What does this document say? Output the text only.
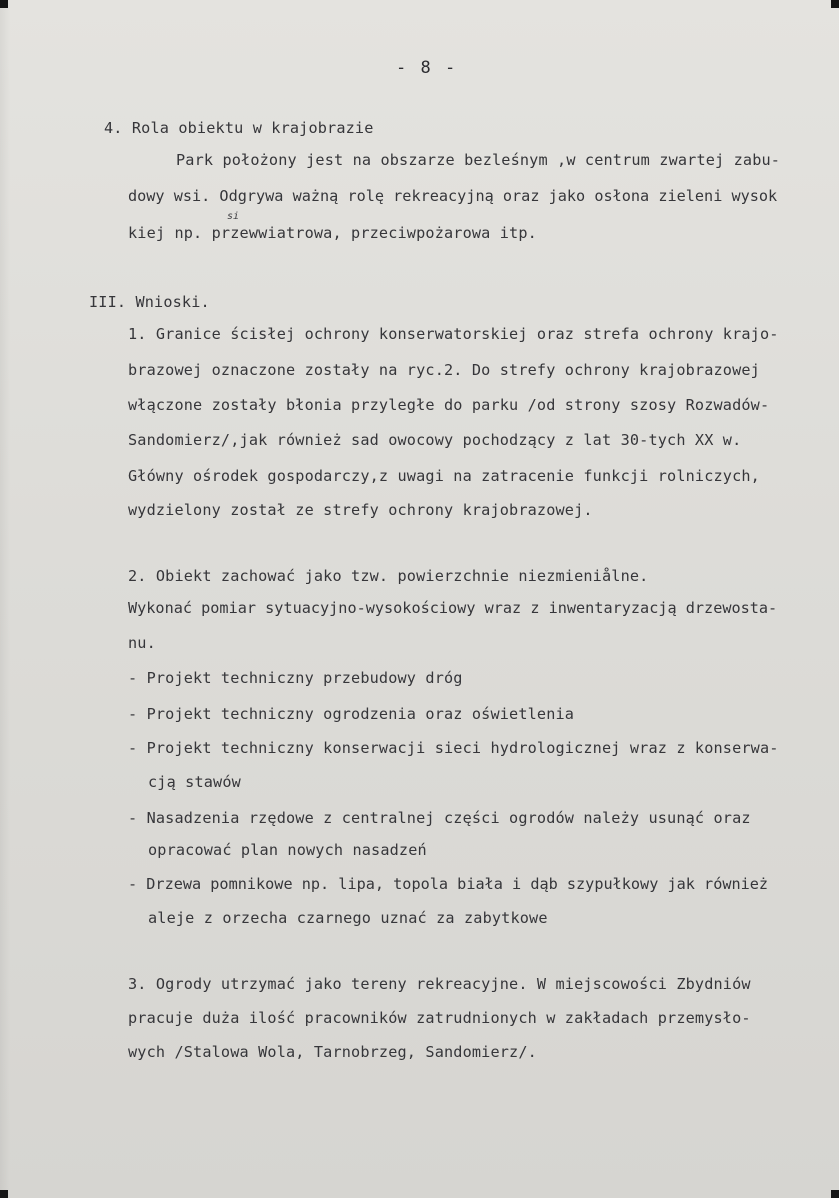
- 8 -

4. Rola obiektu w krajobrazie

Park położony jest na obszarze bezleśnym ,w centrum zwartej zabu-

dowy wsi. Odgrywa ważną rolę rekreacyjną oraz jako osłona zieleni wysok

si

kiej np. przewwiatrowa, przeciwpożarowa itp.

III. Wnioski.

1. Granice ścisłej ochrony konserwatorskiej oraz strefa ochrony krajo-

brazowej oznaczone zostały na ryc.2. Do strefy ochrony krajobrazowej

włączone zostały błonia przyległe do parku /od strony szosy Rozwadów-

Sandomierz/,jak również sad owocowy pochodzący z lat 30-tych XX w.

Główny ośrodek gospodarczy,z uwagi na zatracenie funkcji rolniczych,

wydzielony został ze strefy ochrony krajobrazowej.

2. Obiekt zachować jako tzw. powierzchnie niezmieniålne.

Wykonać pomiar sytuacyjno-wysokościowy wraz z inwentaryzacją drzewosta-

nu.

- Projekt techniczny przebudowy dróg

- Projekt techniczny ogrodzenia oraz oświetlenia

- Projekt techniczny konserwacji sieci hydrologicznej wraz z konserwa-

cją stawów

- Nasadzenia rzędowe z centralnej części ogrodów należy usunąć oraz

opracować plan nowych nasadzeń

- Drzewa pomnikowe np. lipa, topola biała i dąb szypułkowy jak również

aleje z orzecha czarnego uznać za zabytkowe

3. Ogrody utrzymać jako tereny rekreacyjne. W miejscowości Zbydniów

pracuje duża ilość pracowników zatrudnionych w zakładach przemysło-

wych /Stalowa Wola, Tarnobrzeg, Sandomierz/.
